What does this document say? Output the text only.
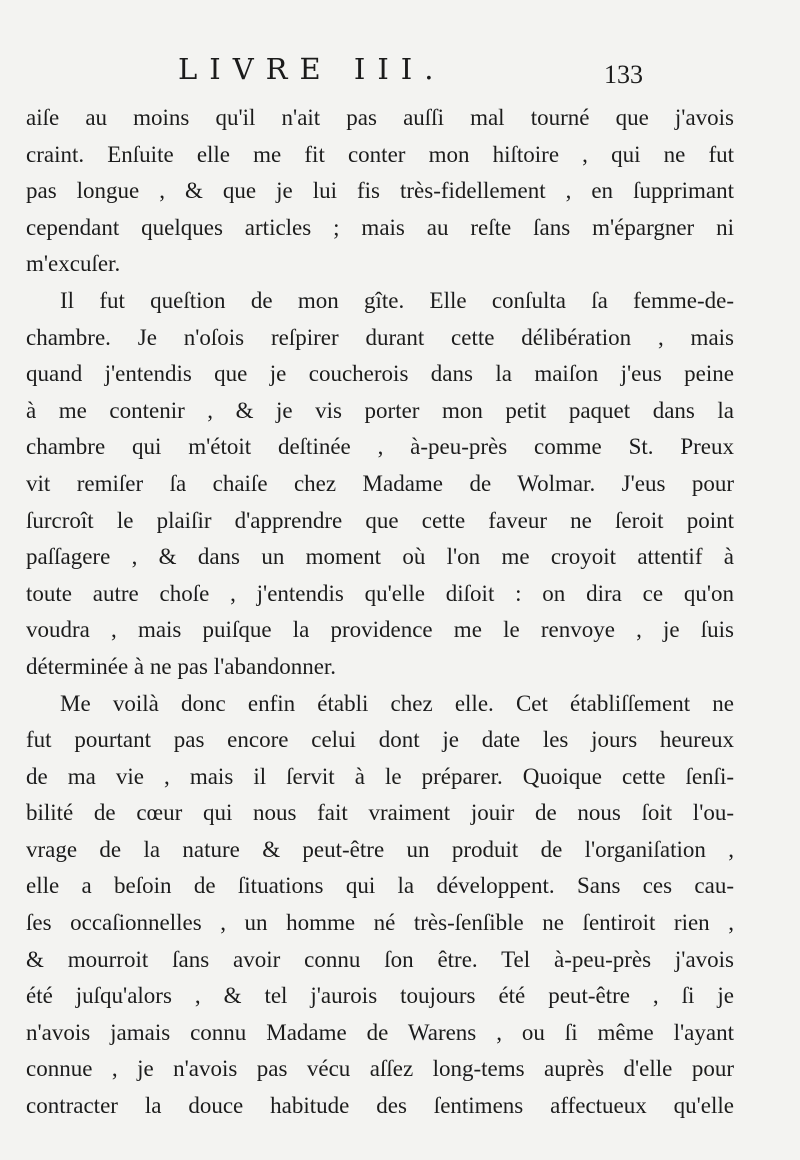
LIVRE III.	133
aiſe au moins qu'il n'ait pas auſſi mal tourné que j'avois
craint. Enſuite elle me fit conter mon hiſtoire , qui ne fut
pas longue , & que je lui fis très-fidellement , en ſupprimant
cependant quelques articles ; mais au reſte ſans m'épargner ni
m'excuſer.
Il fut queſtion de mon gîte. Elle conſulta ſa femme-de-
chambre. Je n'oſois reſpirer durant cette délibération , mais
quand j'entendis que je coucherois dans la maiſon j'eus peine
à me contenir , & je vis porter mon petit paquet dans la
chambre qui m'étoit deſtinée , à-peu-près comme St. Preux
vit remiſer ſa chaiſe chez Madame de Wolmar. J'eus pour
ſurcroît le plaiſir d'apprendre que cette faveur ne ſeroit point
paſſagere , & dans un moment où l'on me croyoit attentif à
toute autre choſe , j'entendis qu'elle diſoit : on dira ce qu'on
voudra , mais puiſque la providence me le renvoye , je ſuis
déterminée à ne pas l'abandonner.
Me voilà donc enfin établi chez elle. Cet établiſſement ne
fut pourtant pas encore celui dont je date les jours heureux
de ma vie , mais il ſervit à le préparer. Quoique cette ſenſi-
bilité de cœur qui nous fait vraiment jouir de nous ſoit l'ou-
vrage de la nature & peut-être un produit de l'organiſation ,
elle a beſoin de ſituations qui la développent. Sans ces cau-
ſes occaſionnelles , un homme né très-ſenſible ne ſentiroit rien ,
& mourroit ſans avoir connu ſon être. Tel à-peu-près j'avois
été juſqu'alors , & tel j'aurois toujours été peut-être , ſi je
n'avois jamais connu Madame de Warens , ou ſi même l'ayant
connue , je n'avois pas vécu aſſez long-tems auprès d'elle pour
contracter la douce habitude des ſentimens affectueux qu'elle
